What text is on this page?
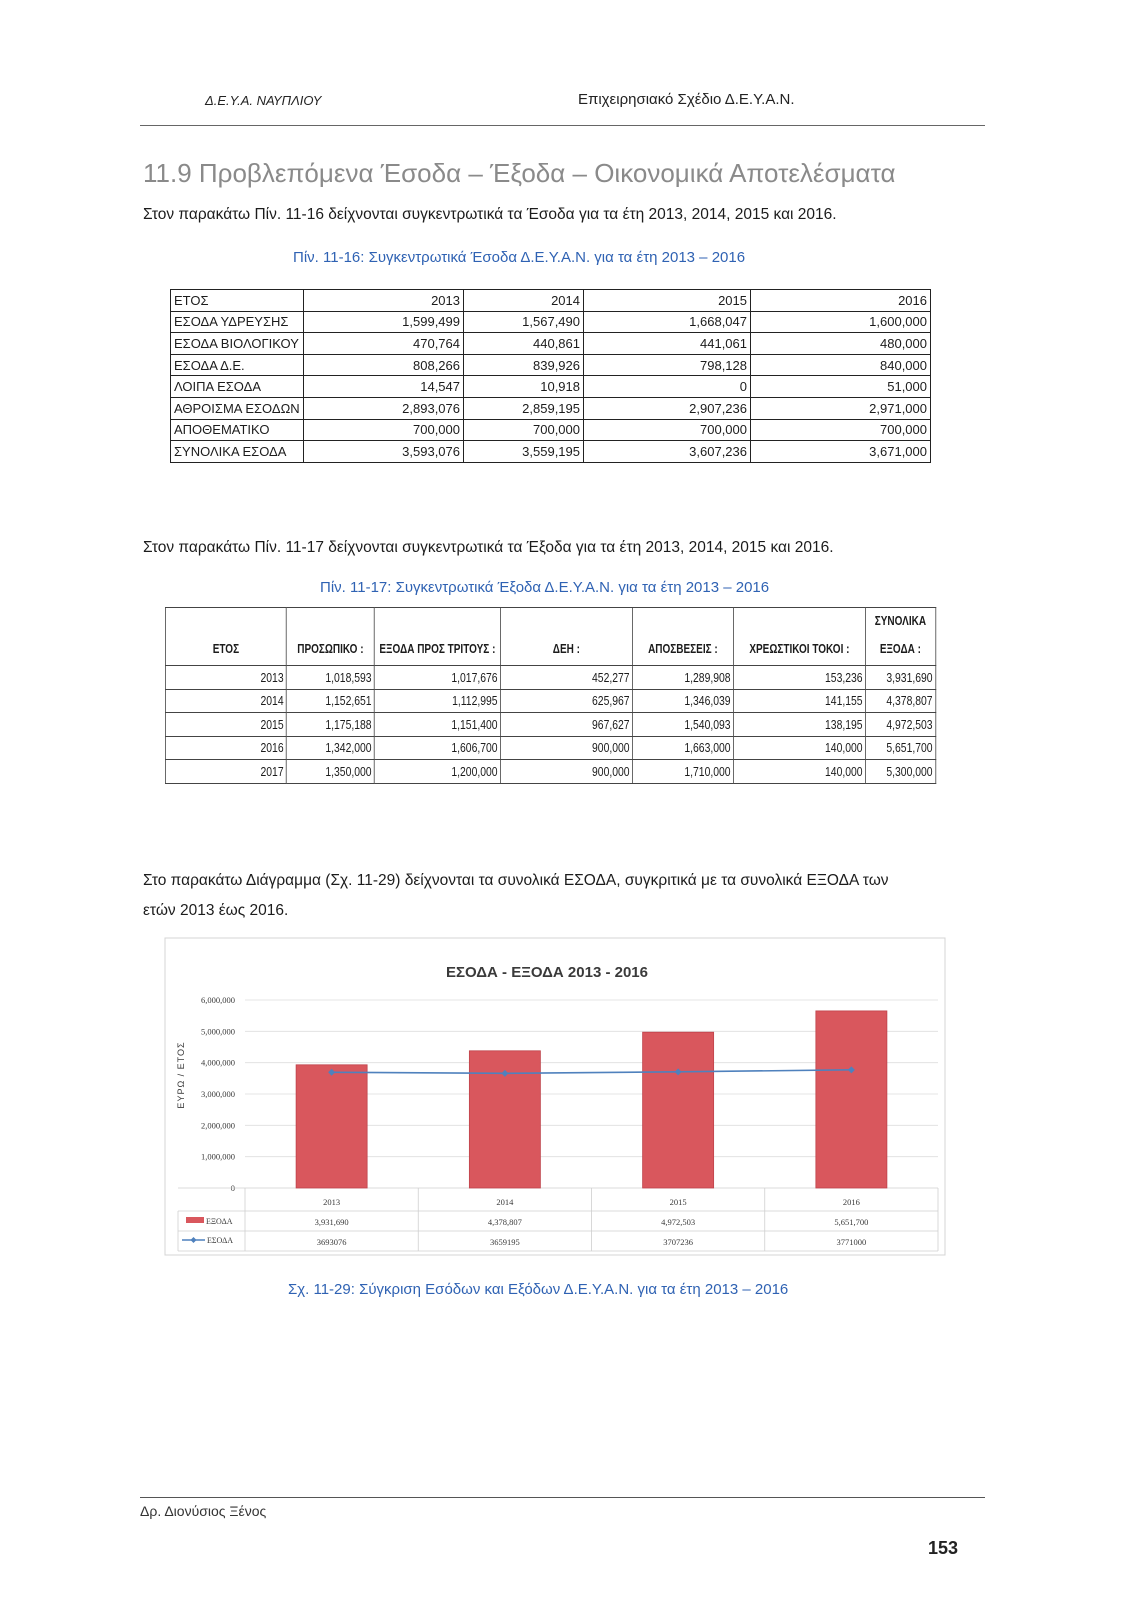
Δ.Ε.Υ.Α. ΝΑΥΠΛΙΟΥ	Επιχειρησιακό Σχέδιο Δ.Ε.Υ.Α.Ν.
11.9 Προβλεπόμενα Έσοδα – Έξοδα – Οικονομικά Αποτελέσματα
Στον παρακάτω Πίν. 11-16 δείχνονται συγκεντρωτικά τα Έσοδα για τα έτη 2013, 2014, 2015 και 2016.
Πίν. 11-16: Συγκεντρωτικά Έσοδα Δ.Ε.Υ.Α.Ν. για τα έτη 2013 – 2016
ΕΤΟΣ	2013	2014	2015	2016
ΕΣΟΔΑ ΥΔΡΕΥΣΗΣ	1,599,499	1,567,490	1,668,047	1,600,000
ΕΣΟΔΑ ΒΙΟΛΟΓΙΚΟΥ	470,764	440,861	441,061	480,000
ΕΣΟΔΑ Δ.Ε.	808,266	839,926	798,128	840,000
ΛΟΙΠΑ ΕΣΟΔΑ	14,547	10,918	0	51,000
ΑΘΡΟΙΣΜΑ ΕΣΟΔΩΝ	2,893,076	2,859,195	2,907,236	2,971,000
ΑΠΟΘΕΜΑΤΙΚΟ	700,000	700,000	700,000	700,000
ΣΥΝΟΛΙΚΑ ΕΣΟΔΑ	3,593,076	3,559,195	3,607,236	3,671,000
Στον παρακάτω Πίν. 11-17 δείχνονται συγκεντρωτικά τα Έξοδα για τα έτη 2013, 2014, 2015 και 2016.
Πίν. 11-17: Συγκεντρωτικά Έξοδα Δ.Ε.Υ.Α.Ν. για τα έτη 2013 – 2016
ΕΤΟΣ	ΠΡΟΣΩΠΙΚΟ :	ΕΞΟΔΑ ΠΡΟΣ ΤΡΙΤΟΥΣ :	ΔΕΗ :	ΑΠΟΣΒΕΣΕΙΣ :	ΧΡΕΩΣΤΙΚΟΙ ΤΟΚΟΙ :	ΣΥΝΟΛΙΚΑ
ΕΞΟΔΑ :

2013	1,018,593	1,017,676	452,277	1,289,908	153,236	3,931,690
2014	1,152,651	1,112,995	625,967	1,346,039	141,155	4,378,807
2015	1,175,188	1,151,400	967,627	1,540,093	138,195	4,972,503
2016	1,342,000	1,606,700	900,000	1,663,000	140,000	5,651,700
2017	1,350,000	1,200,000	900,000	1,710,000	140,000	5,300,000
Στο παρακάτω Διάγραμμα (Σχ. 11-29) δείχνονται τα συνολικά ΕΣΟΔΑ, συγκριτικά με τα συνολικά ΕΞΟΔΑ των
ετών 2013 έως 2016.
ΕΣΟΔΑ - ΕΞΟΔΑ 2013 - 2016
ΕΥΡΩ / ΕΤΟΣ
0
1,000,000
2,000,000
3,000,000
4,000,000
5,000,000
6,000,000
2013
3,931,690
3693076
2014
4,378,807
3659195
2015
4,972,503
3707236
2016
5,651,700
3771000
ΕΞΟΔΑ
ΕΣΟΔΑ
Σχ. 11-29: Σύγκριση Εσόδων και Εξόδων Δ.Ε.Υ.Α.Ν. για τα έτη 2013 – 2016
Δρ. Διονύσιος Ξένος
153
